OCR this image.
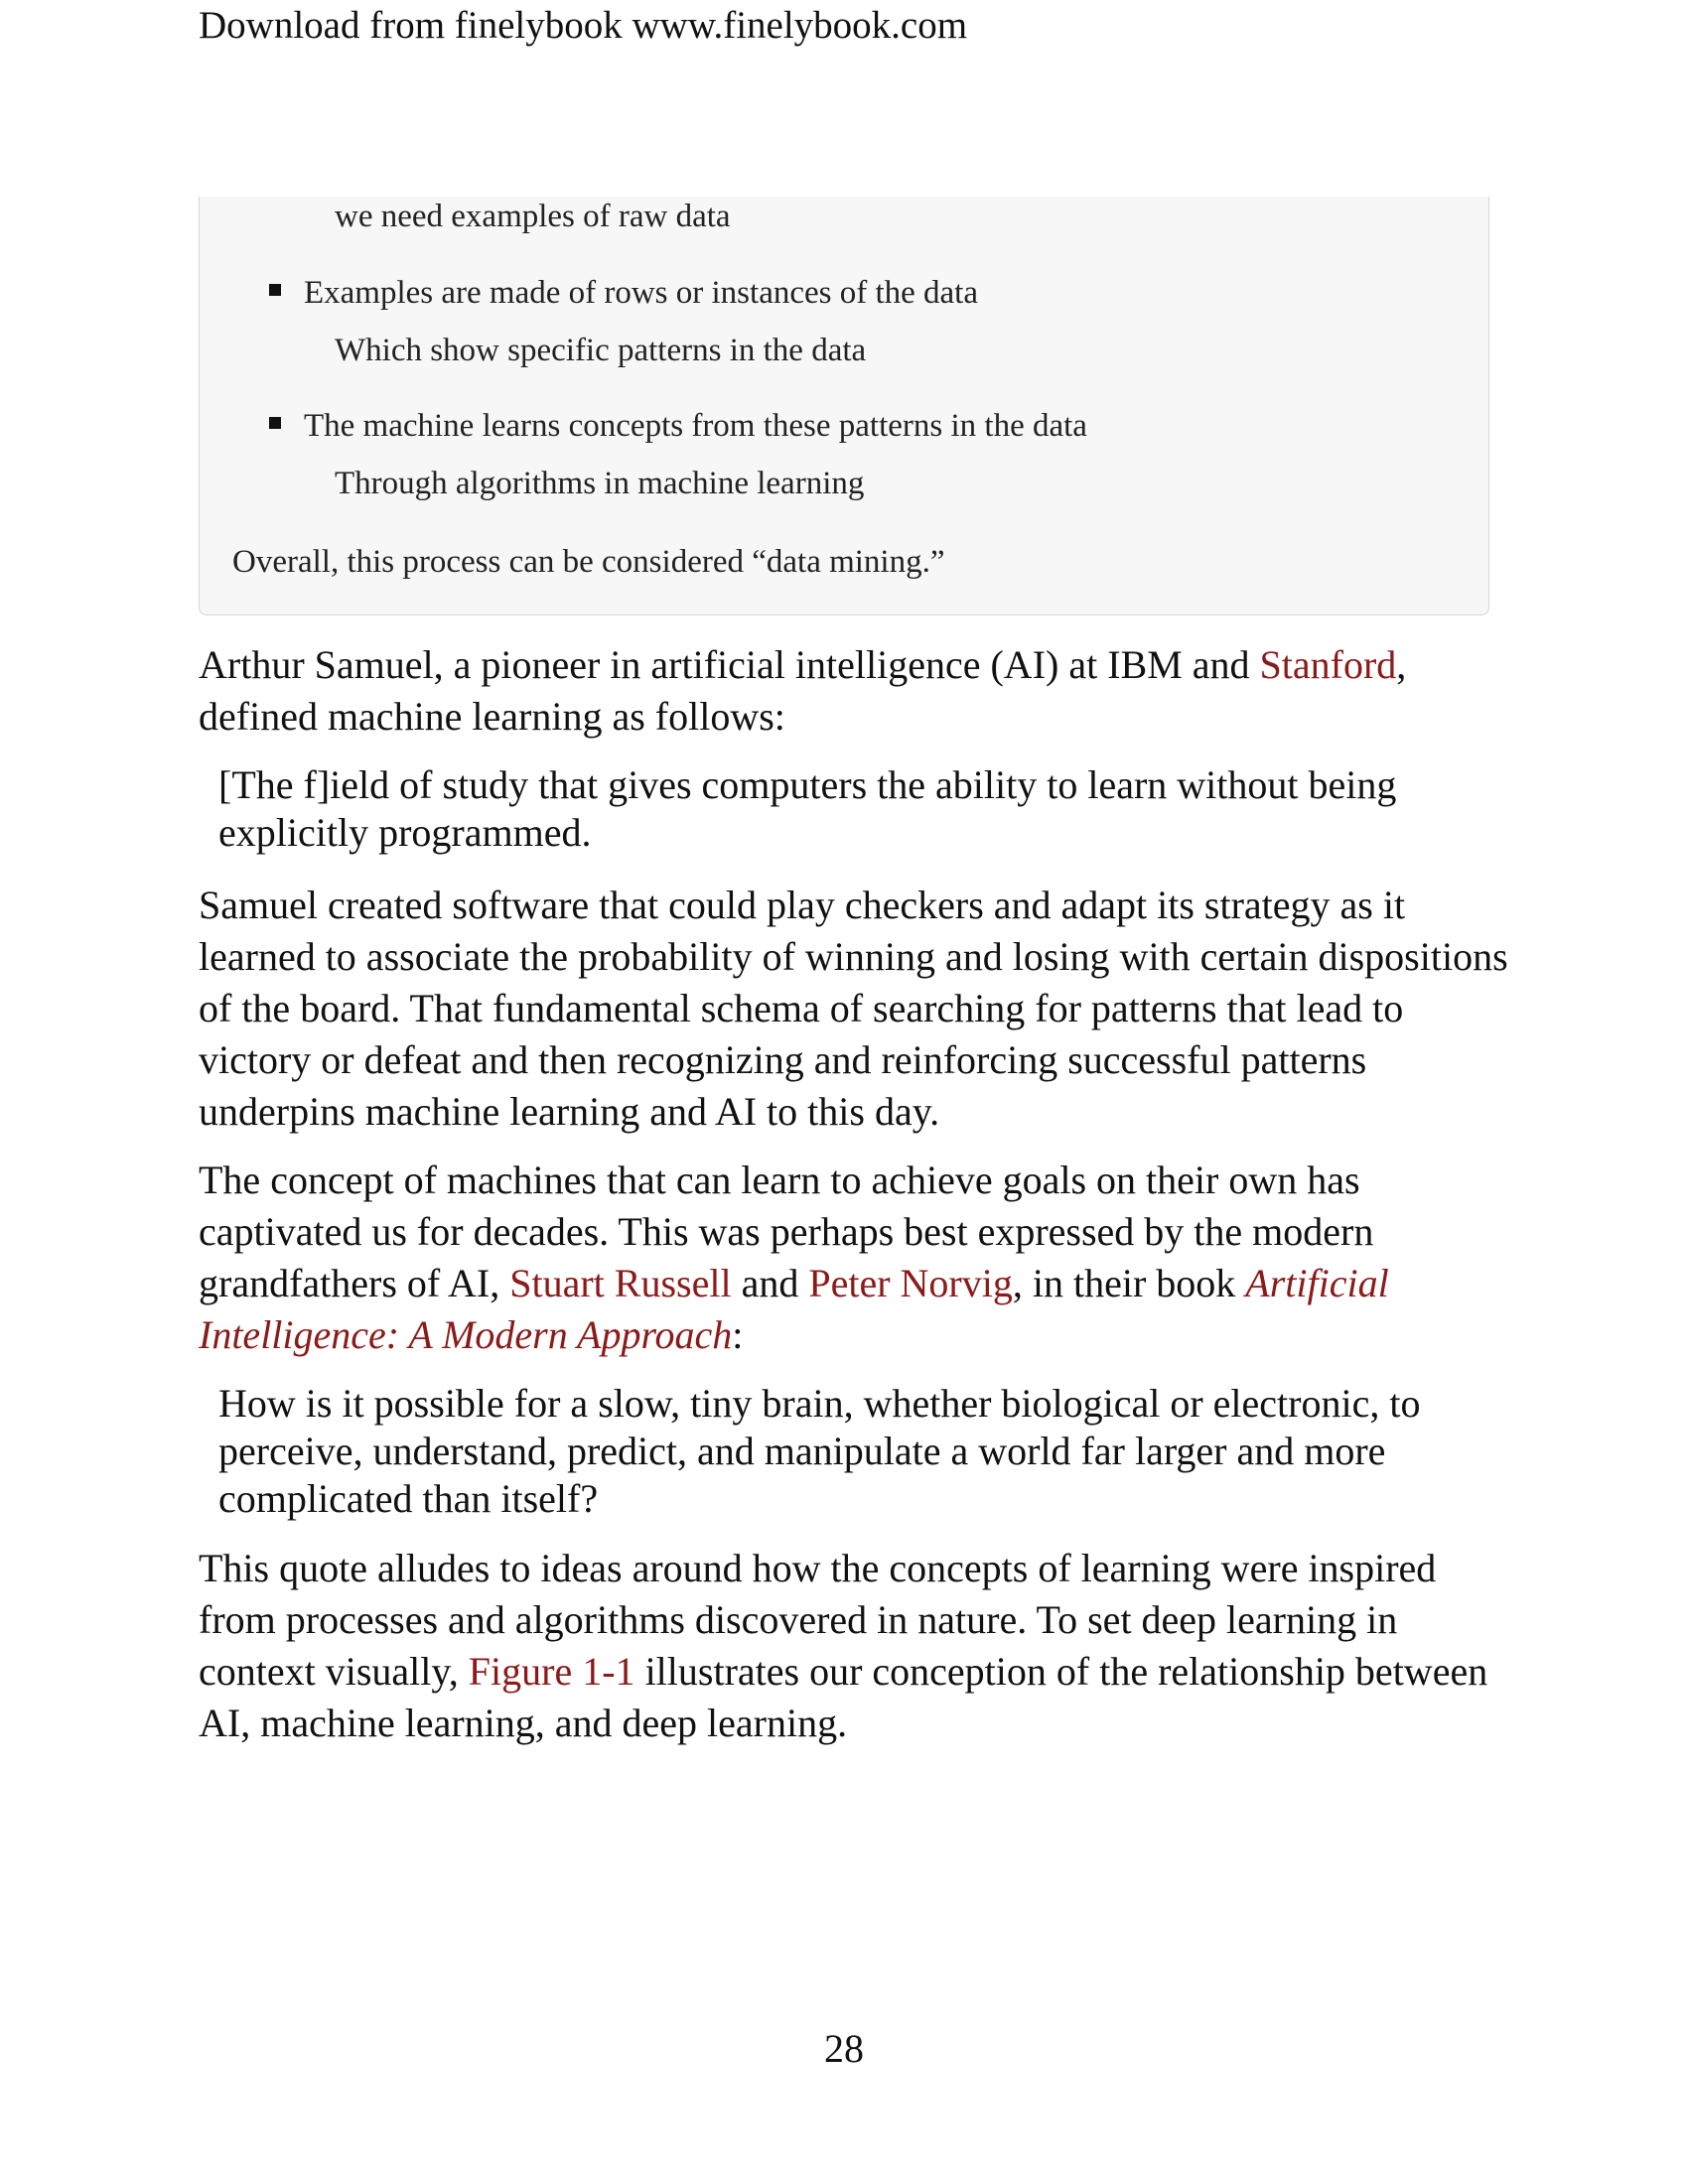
Download from finelybook www.finelybook.com
we need examples of raw data
Examples are made of rows or instances of the data
Which show specific patterns in the data
The machine learns concepts from these patterns in the data
Through algorithms in machine learning
Overall, this process can be considered “data mining.”

Arthur Samuel, a pioneer in artificial intelligence (AI) at IBM and Stanford, defined machine learning as follows:

[The f]ield of study that gives computers the ability to learn without being explicitly programmed.

Samuel created software that could play checkers and adapt its strategy as it learned to associate the probability of winning and losing with certain dispositions of the board. That fundamental schema of searching for patterns that lead to victory or defeat and then recognizing and reinforcing successful patterns underpins machine learning and AI to this day.

The concept of machines that can learn to achieve goals on their own has captivated us for decades. This was perhaps best expressed by the modern grandfathers of AI, Stuart Russell and Peter Norvig, in their book Artificial Intelligence: A Modern Approach:

How is it possible for a slow, tiny brain, whether biological or electronic, to perceive, understand, predict, and manipulate a world far larger and more complicated than itself?

This quote alludes to ideas around how the concepts of learning were inspired from processes and algorithms discovered in nature. To set deep learning in context visually, Figure 1-1 illustrates our conception of the relationship between AI, machine learning, and deep learning.

28
